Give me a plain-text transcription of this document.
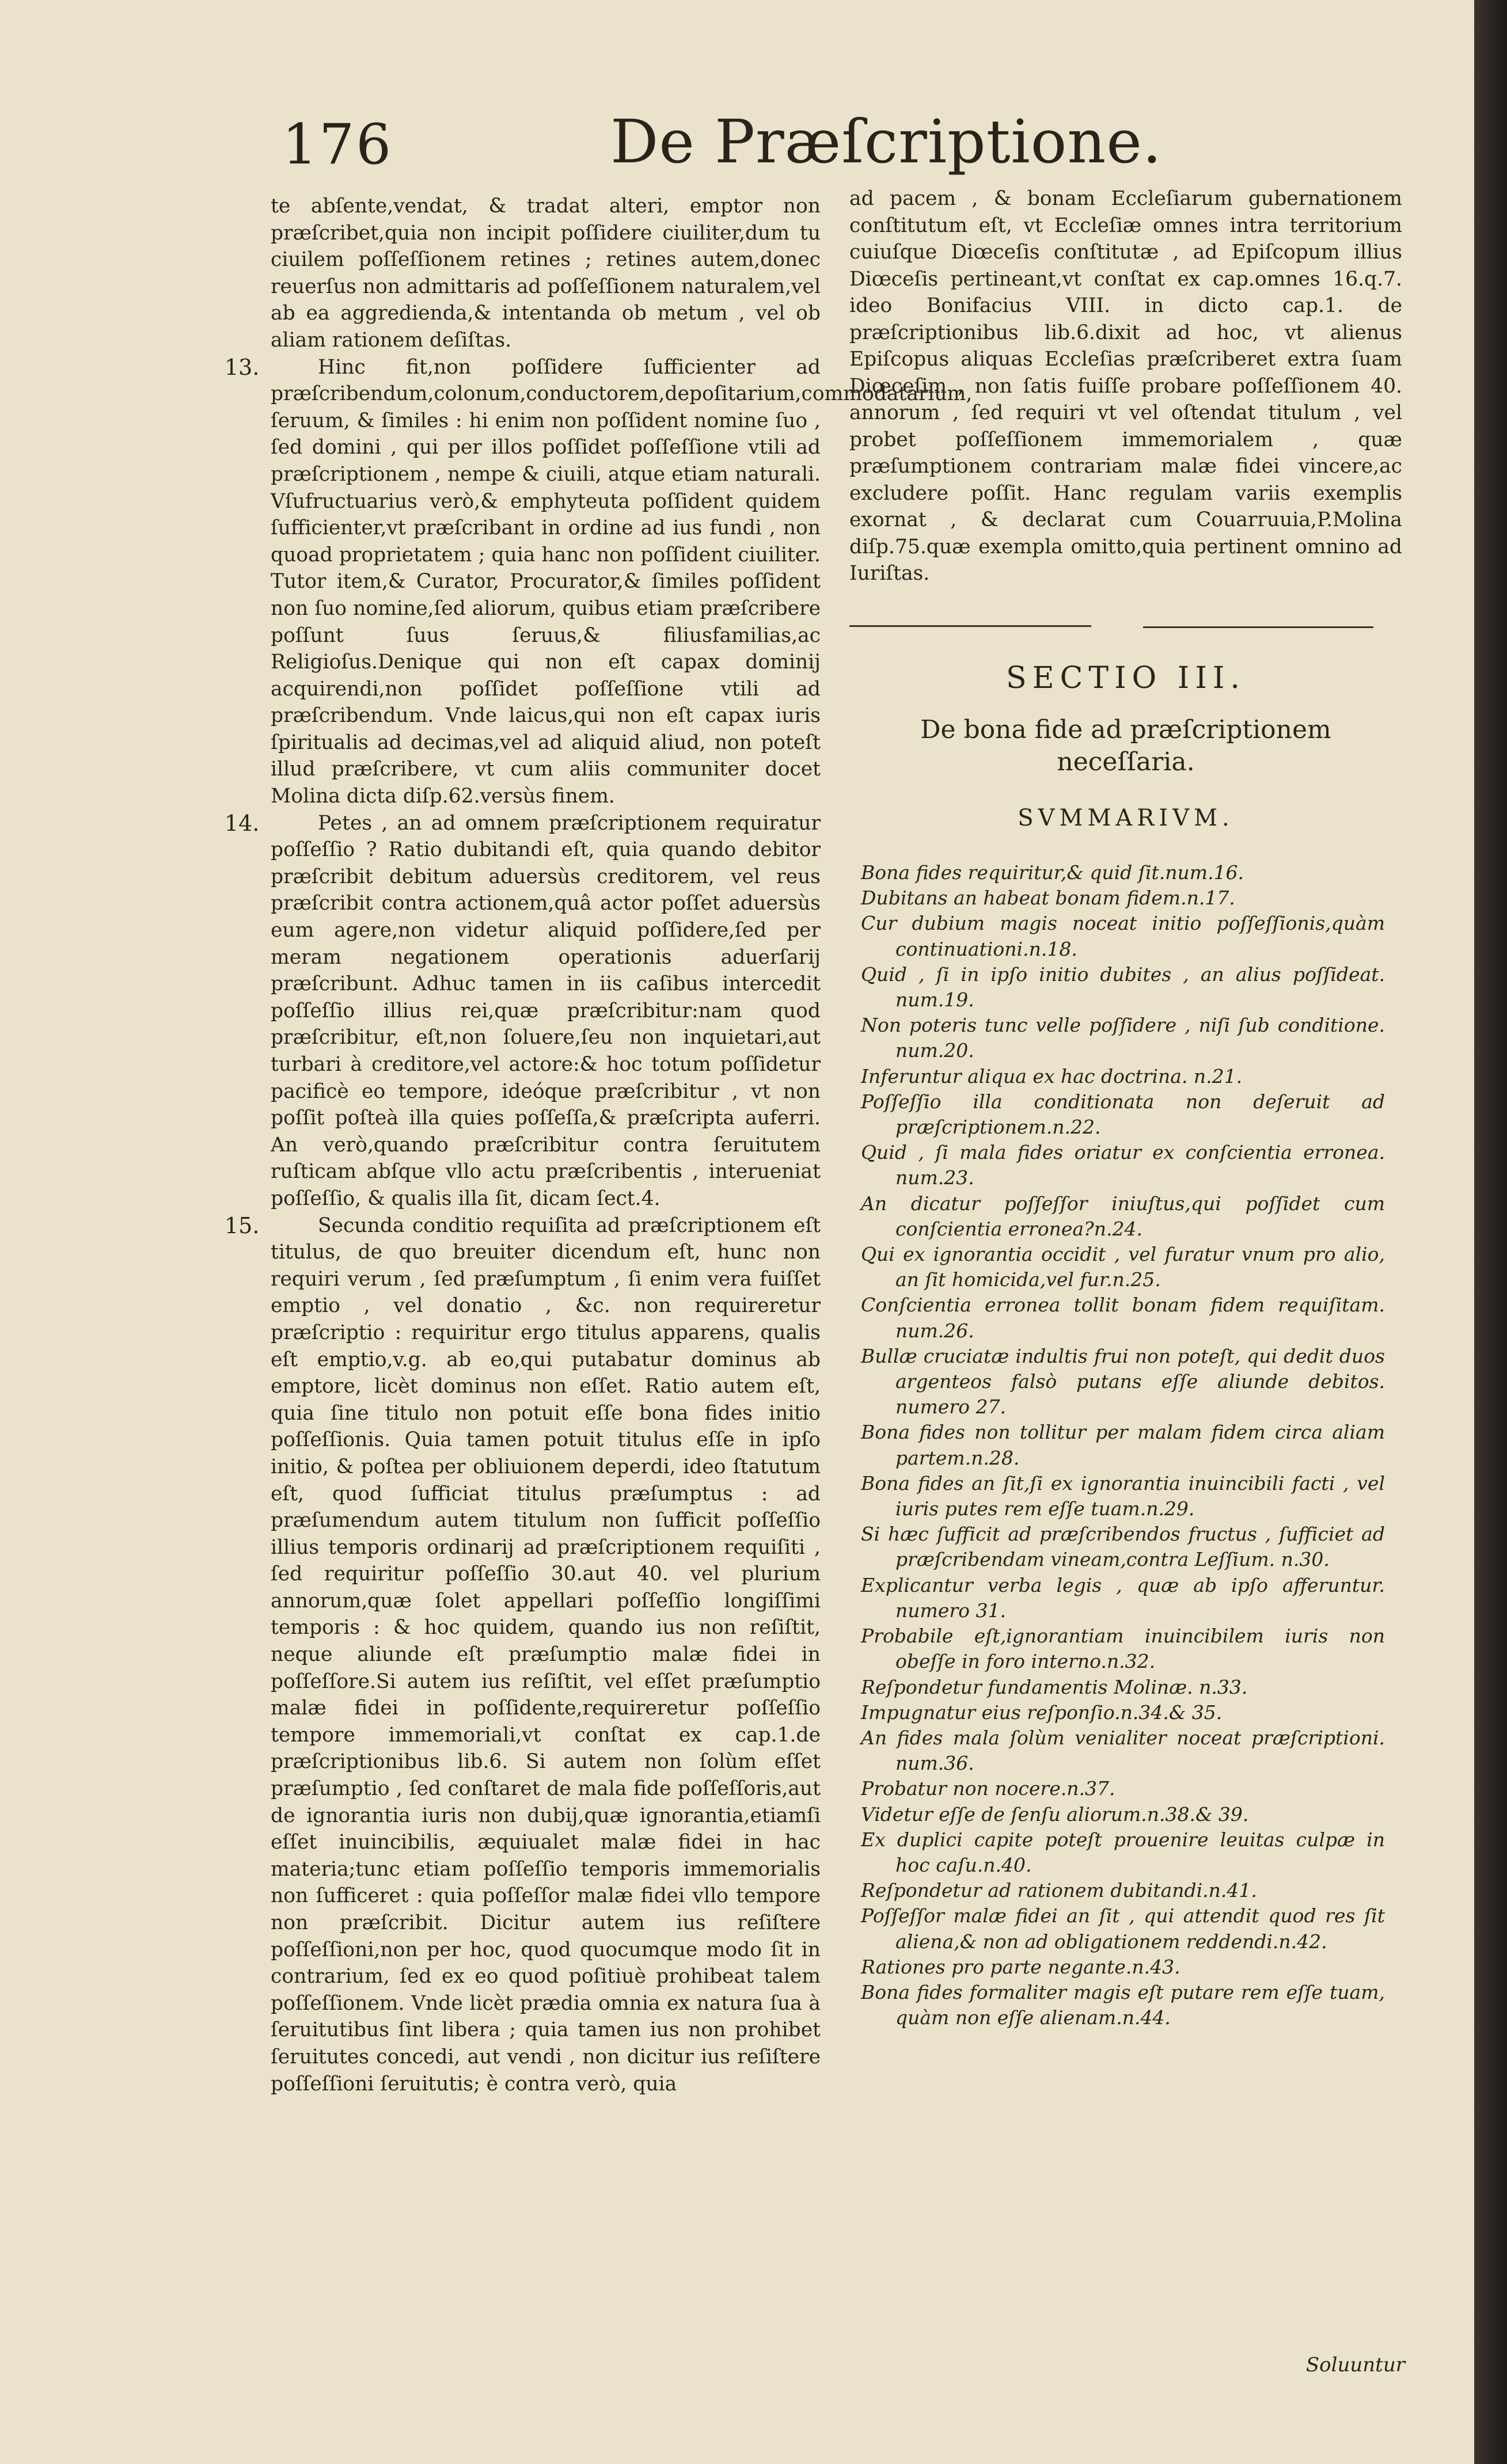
176	De Præſcriptione.

te abſente,vendat, & tradat alteri, emptor non præſcribet,quia non incipit poſſidere ciuiliter,dum tu ciuilem poſſeſſionem retines ; retines autem,donec reuerſus non admittaris ad poſſeſſionem naturalem,vel ab ea aggredienda,& intentanda ob metum , vel ob aliam rationem deſiſtas.

13.	Hinc fit,non poſſidere ſufficienter ad præſcribendum,colonum,conductorem,depoſitarium,commodatarium, ſeruum, & ſimiles : hi enim non poſſident nomine ſuo , ſed domini , qui per illos poſſidet poſſeſſione vtili ad præſcriptionem , nempe & ciuili, atque etiam naturali. Vſufructuarius verò,& emphyteuta poſſident quidem ſufficienter,vt præſcribant in ordine ad ius fundi , non quoad proprietatem ; quia hanc non poſſident ciuiliter. Tutor item,& Curator, Procurator,& ſimiles poſſident non ſuo nomine,ſed aliorum, quibus etiam præſcribere poſſunt ſuus ſeruus,& filiusfamilias,ac Religioſus.Denique qui non eſt capax dominij acquirendi,non poſſidet poſſeſſione vtili ad præſcribendum. Vnde laicus,qui non eſt capax iuris ſpiritualis ad decimas,vel ad aliquid aliud, non poteſt illud præſcribere, vt cum aliis communiter docet Molina dicta diſp.62.versùs finem.

14.	Petes , an ad omnem præſcriptionem requiratur poſſeſſio ? Ratio dubitandi eſt, quia quando debitor præſcribit debitum aduersùs creditorem, vel reus præſcribit contra actionem,quâ actor poſſet aduersùs eum agere,non videtur aliquid poſſidere,ſed per meram negationem operationis aduerſarij præſcribunt. Adhuc tamen in iis caſibus intercedit poſſeſſio illius rei,quæ præſcribitur:nam quod præſcribitur, eſt,non ſoluere,ſeu non inquietari,aut turbari à creditore,vel actore:& hoc totum poſſidetur pacificè eo tempore, ideóque præſcribitur , vt non poſſit poſteà illa quies poſſeſſa,& præſcripta auferri. An verò,quando præſcribitur contra ſeruitutem ruſticam abſque vllo actu præſcribentis , interueniat poſſeſſio, & qualis illa ſit, dicam ſect.4.

15.	Secunda conditio requiſita ad præſcriptionem eſt titulus, de quo breuiter dicendum eſt, hunc non requiri verum , ſed præſumptum , ſi enim vera fuiſſet emptio , vel donatio , &c. non requireretur præſcriptio : requiritur ergo titulus apparens, qualis eſt emptio,v.g. ab eo,qui putabatur dominus ab emptore, licèt dominus non eſſet. Ratio autem eſt, quia ſine titulo non potuit eſſe bona fides initio poſſeſſionis. Quia tamen potuit titulus eſſe in ipſo initio, & poſtea per obliuionem deperdi, ideo ſtatutum eſt, quod ſufficiat titulus præſumptus : ad præſumendum autem titulum non ſufficit poſſeſſio illius temporis ordinarij ad præſcriptionem requiſiti , ſed requiritur poſſeſſio 30.aut 40. vel plurium annorum,quæ ſolet appellari poſſeſſio longiſſimi temporis : & hoc quidem, quando ius non reſiſtit, neque aliunde eſt præſumptio malæ fidei in poſſeſſore.Si autem ius reſiſtit, vel eſſet præſumptio malæ fidei in poſſidente,requireretur poſſeſſio tempore immemoriali,vt conſtat ex cap.1.de præſcriptionibus lib.6. Si autem non ſolùm eſſet præſumptio , ſed conſtaret de mala fide poſſeſſoris,aut de ignorantia iuris non dubij,quæ ignorantia,etiamſi eſſet inuincibilis, æquiualet malæ fidei in hac materia;tunc etiam poſſeſſio temporis immemorialis non ſufficeret : quia poſſeſſor malæ fidei vllo tempore non præſcribit. Dicitur autem ius reſiſtere poſſeſſioni,non per hoc, quod quocumque modo ſit in contrarium, ſed ex eo quod poſitiuè prohibeat talem poſſeſſionem. Vnde licèt prædia omnia ex natura ſua à ſeruitutibus ſint libera ; quia tamen ius non prohibet ſeruitutes concedi, aut vendi , non dicitur ius reſiſtere poſſeſſioni ſeruitutis; è contra verò, quia

ad pacem , & bonam Eccleſiarum gubernationem conſtitutum eſt, vt Eccleſiæ omnes intra territorium cuiuſque Diœceſis conſtitutæ , ad Epiſcopum illius Diœceſis pertineant,vt conſtat ex cap.omnes 16.q.7. ideo Bonifacius VIII. in dicto cap.1. de præſcriptionibus lib.6.dixit ad hoc, vt alienus Epiſcopus aliquas Eccleſias præſcriberet extra ſuam Diœceſim , non ſatis fuiſſe probare poſſeſſionem 40. annorum , ſed requiri vt vel oſtendat titulum , vel probet poſſeſſionem immemorialem , quæ præſumptionem contrariam malæ fidei vincere,ac excludere poſſit. Hanc regulam variis exemplis exornat , & declarat cum Couarruuia,P.Molina diſp.75.quæ exempla omitto,quia pertinent omnino ad Iuriſtas.

SECTIO III.
De bona fide ad præſcriptionem neceſſaria.
SVMMARIVM.
Bona fides requiritur,& quid ſit.num.16.
Dubitans an habeat bonam fidem.n.17.
Cur dubium magis noceat initio poſſeſſionis,quàm continuationi.n.18.
Quid , ſi in ipſo initio dubites , an alius poſſideat. num.19.
Non poteris tunc velle poſſidere , niſi ſub conditione. num.20.
Inferuntur aliqua ex hac doctrina. n.21.
Poſſeſſio illa conditionata non deſeruit ad præſcriptionem.n.22.
Quid , ſi mala fides oriatur ex conſcientia erronea. num.23.
An dicatur poſſeſſor iniuſtus,qui poſſidet cum conſcientia erronea?n.24.
Qui ex ignorantia occidit , vel furatur vnum pro alio, an ſit homicida,vel fur.n.25.
Conſcientia erronea tollit bonam fidem requiſitam. num.26.
Bullæ cruciatæ indultis frui non poteſt, qui dedit duos argenteos falsò putans eſſe aliunde debitos. numero 27.
Bona fides non tollitur per malam fidem circa aliam partem.n.28.
Bona fides an ſit,ſi ex ignorantia inuincibili facti , vel iuris putes rem eſſe tuam.n.29.
Si hæc ſufficit ad præſcribendos fructus , ſufficiet ad præſcribendam vineam,contra Leſſium. n.30.
Explicantur verba legis , quæ ab ipſo afferuntur. numero 31.
Probabile eſt,ignorantiam inuincibilem iuris non obeſſe in foro interno.n.32.
Reſpondetur fundamentis Molinæ. n.33.
Impugnatur eius reſponſio.n.34.& 35.
An fides mala ſolùm venialiter noceat præſcriptioni. num.36.
Probatur non nocere.n.37.
Videtur eſſe de ſenſu aliorum.n.38.& 39.
Ex duplici capite poteſt prouenire leuitas culpæ in hoc caſu.n.40.
Reſpondetur ad rationem dubitandi.n.41.
Poſſeſſor malæ fidei an ſit , qui attendit quod res ſit aliena,& non ad obligationem reddendi.n.42.
Rationes pro parte negante.n.43.
Bona fides formaliter magis eſt putare rem eſſe tuam, quàm non eſſe alienam.n.44.
Soluuntur
